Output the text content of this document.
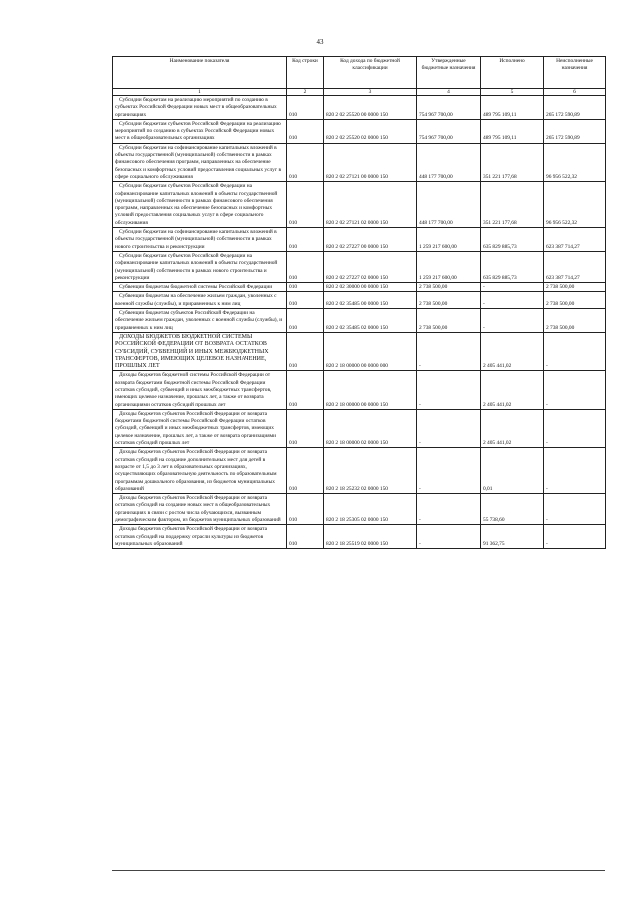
43
Наименование показателя	Код строки	Код дохода по бюджетной классификации	Утвержденные бюджетные назначения	Исполнено	Неисполненные назначения
1	2	3	4	5	6
Субсидии бюджетам на реализацию мероприятий по созданию в субъектах Российской Федерации новых мест в общеобразовательных организациях	010	820 2 02 25520 00 0000 150	754 967 700,00	489 795 109,11	265 172 590,89
Субсидии бюджетам субъектов Российской Федерации на реализацию мероприятий по созданию в субъектах Российской Федерации новых мест в общеобразовательных организациях	010	820 2 02 25520 02 0000 150	754 967 700,00	489 795 109,11	265 172 590,89
Субсидии бюджетам на софинансирование капитальных вложений в объекты государственной (муниципальной) собственности в рамках финансового обеспечения программ, направленных на обеспечение безопасных и комфортных условий предоставления социальных услуг в сфере социального обслуживания	010	820 2 02 27121 00 0000 150	448 177 700,00	351 221 177,68	96 956 522,32
Субсидии бюджетам субъектов Российской Федерации на софинансирование капитальных вложений в объекты государственной (муниципальной) собственности в рамках финансового обеспечения программ, направленных на обеспечение безопасных и комфортных условий предоставления социальных услуг в сфере социального обслуживания	010	820 2 02 27121 02 0000 150	448 177 700,00	351 221 177,68	96 956 522,32
Субсидии бюджетам на софинансирование капитальных вложений в объекты государственной (муниципальной) собственности в рамках нового строительства и реконструкции	010	820 2 02 27227 00 0000 150	1 259 217 600,00	635 829 885,73	623 387 714,27
Субсидии бюджетам субъектов Российской Федерации на софинансирование капитальных вложений в объекты государственной (муниципальной) собственности в рамках нового строительства и реконструкции	010	820 2 02 27227 02 0000 150	1 259 217 600,00	635 829 885,73	623 387 714,27
Субвенции бюджетам бюджетной системы Российской Федерации	010	820 2 02 30000 00 0000 150	2 738 500,00	-	2 738 500,00
Субвенции бюджетам на обеспечение жильем граждан, уволенных с военной службы (службы), и приравненных к ним лиц	010	820 2 02 35485 00 0000 150	2 738 500,00	-	2 738 500,00
Субвенции бюджетам субъектов Российской Федерации на обеспечение жильем граждан, уволенных с военной службы (службы), и приравненных к ним лиц	010	820 2 02 35485 02 0000 150	2 738 500,00	-	2 738 500,00
ДОХОДЫ БЮДЖЕТОВ БЮДЖЕТНОЙ СИСТЕМЫ РОССИЙСКОЙ ФЕДЕРАЦИИ ОТ ВОЗВРАТА ОСТАТКОВ СУБСИДИЙ, СУБВЕНЦИЙ И ИНЫХ МЕЖБЮДЖЕТНЫХ ТРАНСФЕРТОВ, ИМЕЮЩИХ ЦЕЛЕВОЕ НАЗНАЧЕНИЕ, ПРОШЛЫХ ЛЕТ	010	820 2 18 00000 00 0000 000	-	2 405 441,02	-
Доходы бюджетов бюджетной системы Российской Федерации от возврата бюджетами бюджетной системы Российской Федерации остатков субсидий, субвенций и иных межбюджетных трансфертов, имеющих целевое назначение, прошлых лет, а также от возврата организациями остатков субсидий прошлых лет	010	820 2 18 00000 00 0000 150	-	2 405 441,02	-
Доходы бюджетов субъектов Российской Федерации от возврата бюджетами бюджетной системы Российской Федерации остатков субсидий, субвенций и иных межбюджетных трансфертов, имеющих целевое назначение, прошлых лет, а также от возврата организациями остатков субсидий прошлых лет	010	820 2 18 00000 02 0000 150	-	2 405 441,02	-
Доходы бюджетов субъектов Российской Федерации от возврата остатков субсидий на создание дополнительных мест для детей в возрасте от 1,5 до 3 лет в образовательных организациях, осуществляющих образовательную деятельность по образовательным программам дошкольного образования, из бюджетов муниципальных образований	010	820 2 18 25232 02 0000 150	-	0,01	-
Доходы бюджетов субъектов Российской Федерации от возврата остатков субсидий на создание новых мест в общеобразовательных организациях в связи с ростом числа обучающихся, вызванным демографическим фактором, из бюджетов муниципальных образований	010	820 2 18 25305 02 0000 150	-	55 738,60	-
Доходы бюджетов субъектов Российской Федерации от возврата остатков субсидий на поддержку отрасли культуры из бюджетов муниципальных образований	010	820 2 18 25519 02 0000 150	-	91 362,75	-
